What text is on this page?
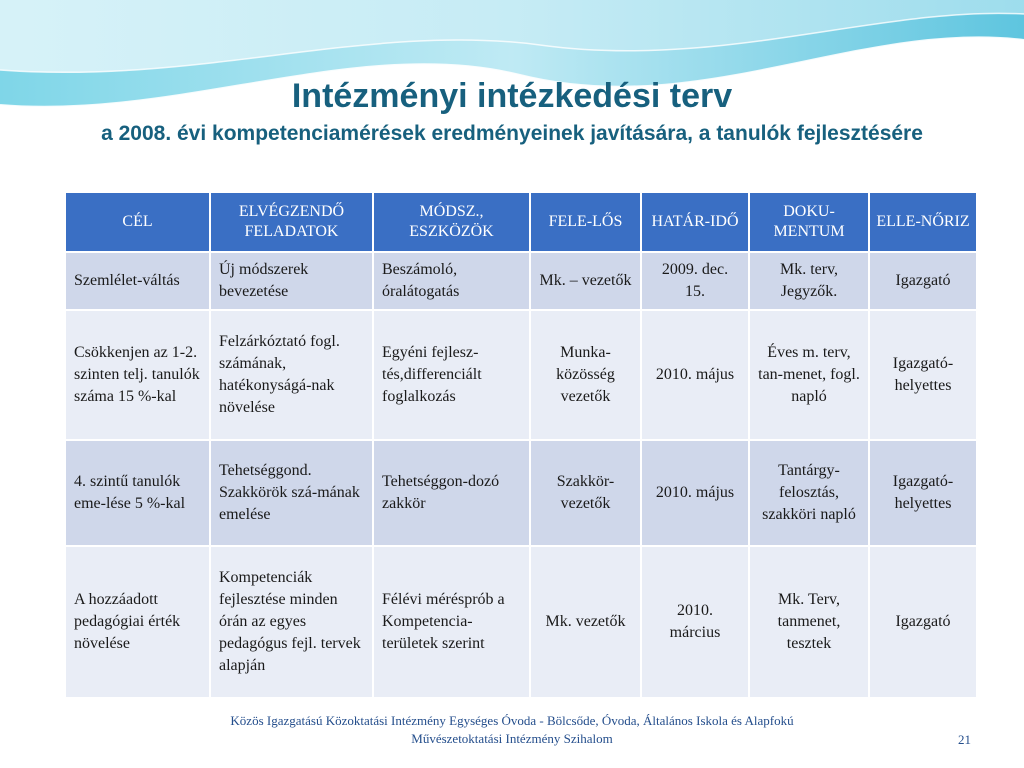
Intézményi intézkedési terv
a 2008. évi kompetenciamérések eredményeinek javítására, a tanulók fejlesztésére
CÉL	ELVÉGZENDŐ FELADATOK	MÓDSZ., ESZKÖZÖK	FELE-LŐS	HATÁR-IDŐ	DOKU-MENTUM	ELLE-NŐRIZ
Szemlélet-váltás	Új módszerek bevezetése	Beszámoló, óralátogatás	Mk. – vezetők	2009. dec. 15.	Mk. terv, Jegyzők.	Igazgató
Csökkenjen az 1-2. szinten telj. tanulók száma 15 %-kal	Felzárkóztató fogl. számának, hatékonyságá-nak növelése	Egyéni fejlesz-tés,differenciált foglalkozás	Munka-közösség vezetők	2010. május	Éves m. terv, tan-menet, fogl. napló	Igazgató-helyettes
4. szintű tanulók eme-lése 5 %-kal	Tehetséggond. Szakkörök szá-mának emelése	Tehetséggon-dozó zakkör	Szakkör-vezetők	2010. május	Tantárgy-felosztás, szakköri napló	Igazgató-helyettes
A hozzáadott pedagógiai érték növelése	Kompetenciák fejlesztése minden órán az egyes pedagógus fejl. tervek alapján	Félévi mérésprób a Kompetencia-területek szerint	Mk. vezetők	2010. március	Mk. Terv, tanmenet, tesztek	Igazgató
Közös Igazgatású Közoktatási Intézmény Egységes Óvoda - Bölcsőde, Óvoda, Általános Iskola és Alapfokú
Művészetoktatási Intézmény Szihalom	21
